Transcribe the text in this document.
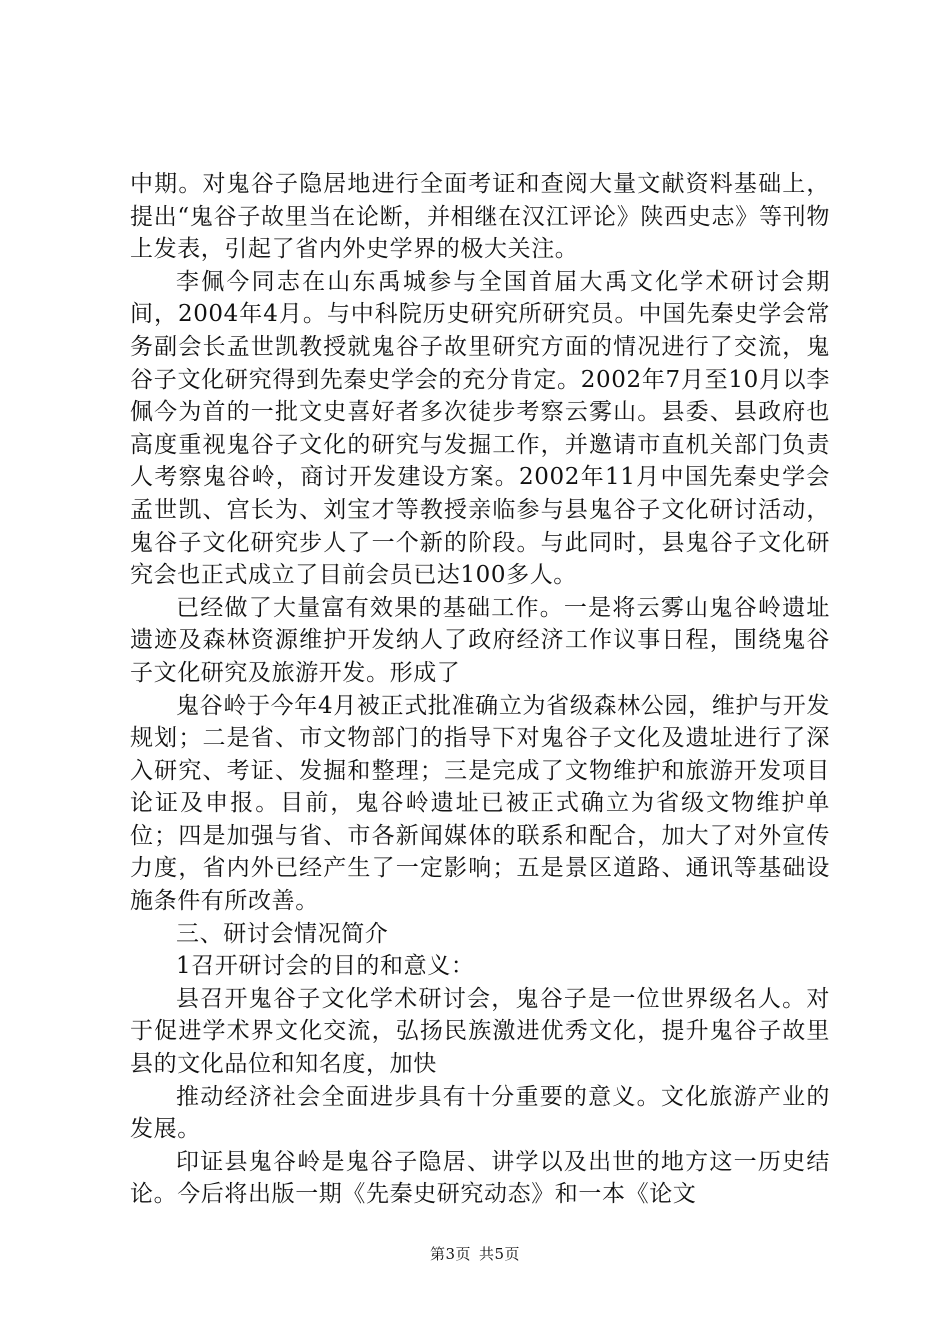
中期。对鬼谷子隐居地进行全面考证和查阅大量文献资料基础上，提出“鬼谷子故里当在论断，并相继在汉江评论》陕西史志》等刊物上发表，引起了省内外史学界的极大关注。

李佩今同志在山东禹城参与全国首届大禹文化学术研讨会期间，2004年4月。与中科院历史研究所研究员。中国先秦史学会常务副会长孟世凯教授就鬼谷子故里研究方面的情况进行了交流，鬼谷子文化研究得到先秦史学会的充分肯定。2002年7月至10月以李佩今为首的一批文史喜好者多次徒步考察云雾山。县委、县政府也高度重视鬼谷子文化的研究与发掘工作，并邀请市直机关部门负责人考察鬼谷岭，商讨开发建设方案。2002年11月中国先秦史学会孟世凯、宫长为、刘宝才等教授亲临参与县鬼谷子文化研讨活动，鬼谷子文化研究步人了一个新的阶段。与此同时，县鬼谷子文化研究会也正式成立了目前会员已达100多人。

已经做了大量富有效果的基础工作。一是将云雾山鬼谷岭遗址遗迹及森林资源维护开发纳人了政府经济工作议事日程，围绕鬼谷子文化研究及旅游开发。形成了

鬼谷岭于今年4月被正式批准确立为省级森林公园，维护与开发规划；二是省、市文物部门的指导下对鬼谷子文化及遗址进行了深入研究、考证、发掘和整理；三是完成了文物维护和旅游开发项目论证及申报。目前，鬼谷岭遗址已被正式确立为省级文物维护单位；四是加强与省、市各新闻媒体的联系和配合，加大了对外宣传力度，省内外已经产生了一定影响；五是景区道路、通讯等基础设施条件有所改善。

三、研讨会情况简介

1召开研讨会的目的和意义：

县召开鬼谷子文化学术研讨会，鬼谷子是一位世界级名人。对于促进学术界文化交流，弘扬民族激进优秀文化，提升鬼谷子故里县的文化品位和知名度，加快

推动经济社会全面进步具有十分重要的意义。文化旅游产业的发展。

印证县鬼谷岭是鬼谷子隐居、讲学以及出世的地方这一历史结论。今后将出版一期《先秦史研究动态》和一本《论文

第3页 共5页
